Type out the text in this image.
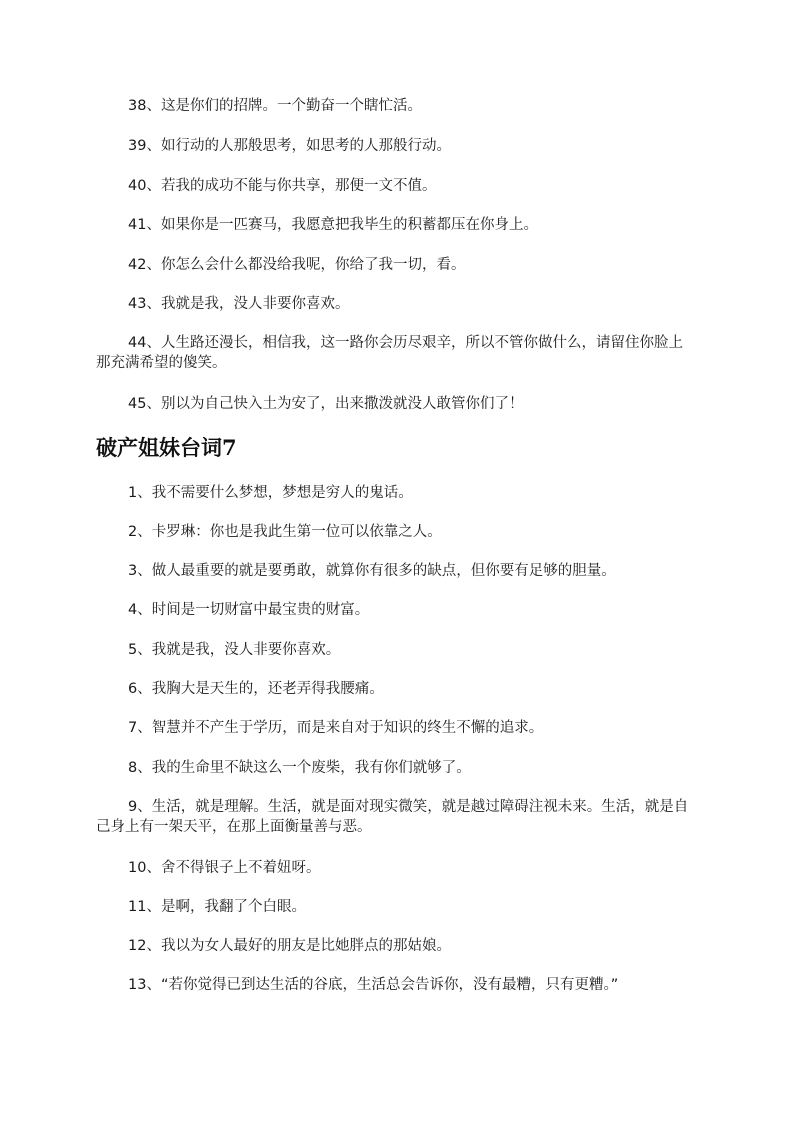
38、这是你们的招牌。一个勤奋一个瞎忙活。

39、如行动的人那般思考，如思考的人那般行动。

40、若我的成功不能与你共享，那便一文不值。

41、如果你是一匹赛马，我愿意把我毕生的积蓄都压在你身上。

42、你怎么会什么都没给我呢，你给了我一切，看。

43、我就是我，没人非要你喜欢。

44、人生路还漫长，相信我，这一路你会历尽艰辛，所以不管你做什么，请留住你脸上那充满希望的傻笑。

45、别以为自己快入土为安了，出来撒泼就没人敢管你们了！

破产姐妹台词7

1、我不需要什么梦想，梦想是穷人的鬼话。

2、卡罗琳：你也是我此生第一位可以依靠之人。

3、做人最重要的就是要勇敢，就算你有很多的缺点，但你要有足够的胆量。

4、时间是一切财富中最宝贵的财富。

5、我就是我，没人非要你喜欢。

6、我胸大是天生的，还老弄得我腰痛。

7、智慧并不产生于学历，而是来自对于知识的终生不懈的追求。

8、我的生命里不缺这么一个废柴，我有你们就够了。

9、生活，就是理解。生活，就是面对现实微笑，就是越过障碍注视未来。生活，就是自己身上有一架天平，在那上面衡量善与恶。

10、舍不得银子上不着妞呀。

11、是啊，我翻了个白眼。

12、我以为女人最好的朋友是比她胖点的那姑娘。

13、“若你觉得已到达生活的谷底，生活总会告诉你，没有最糟，只有更糟。”
